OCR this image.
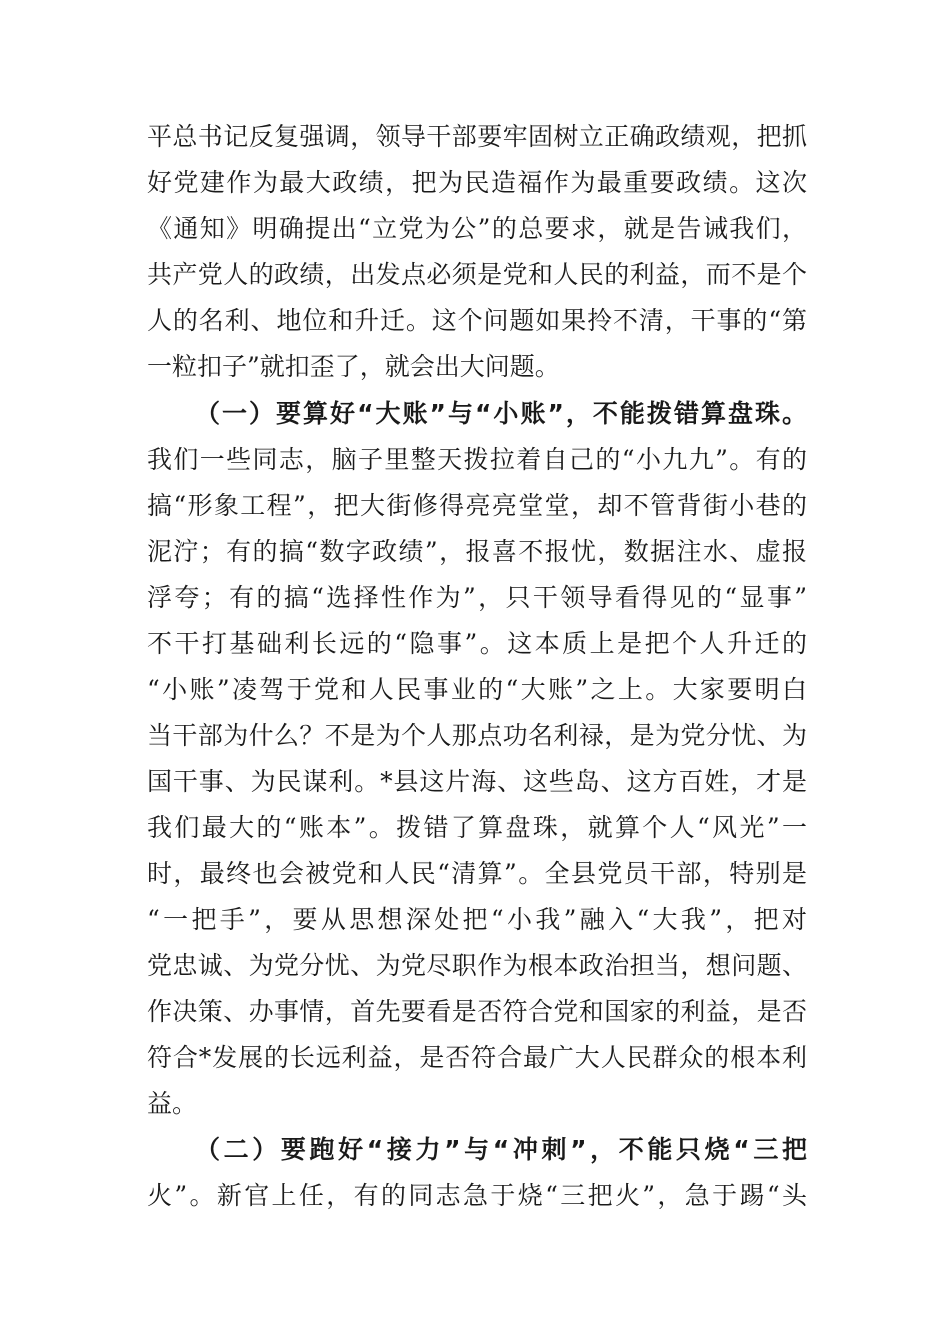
平总书记反复强调，领导干部要牢固树立正确政绩观，把抓
好党建作为最大政绩，把为民造福作为最重要政绩。这次
《通知》明确提出“立党为公”的总要求，就是告诫我们，
共产党人的政绩，出发点必须是党和人民的利益，而不是个
人的名利、地位和升迁。这个问题如果拎不清，干事的“第
一粒扣子”就扣歪了，就会出大问题。
（一）要算好“大账”与“小账”，不能拨错算盘珠。
我们一些同志，脑子里整天拨拉着自己的“小九九”。有的
搞“形象工程”，把大街修得亮亮堂堂，却不管背街小巷的
泥泞；有的搞“数字政绩”，报喜不报忧，数据注水、虚报
浮夸；有的搞“选择性作为”，只干领导看得见的“显事”
不干打基础利长远的“隐事”。这本质上是把个人升迁的
“小账”凌驾于党和人民事业的“大账”之上。大家要明白
当干部为什么？不是为个人那点功名利禄，是为党分忧、为
国干事、为民谋利。*县这片海、这些岛、这方百姓，才是
我们最大的“账本”。拨错了算盘珠，就算个人“风光”一
时，最终也会被党和人民“清算”。全县党员干部，特别是
“一把手”，要从思想深处把“小我”融入“大我”，把对
党忠诚、为党分忧、为党尽职作为根本政治担当，想问题、
作决策、办事情，首先要看是否符合党和国家的利益，是否
符合*发展的长远利益，是否符合最广大人民群众的根本利
益。
（二）要跑好“接力”与“冲刺”，不能只烧“三把
火”。新官上任，有的同志急于烧“三把火”，急于踢“头
